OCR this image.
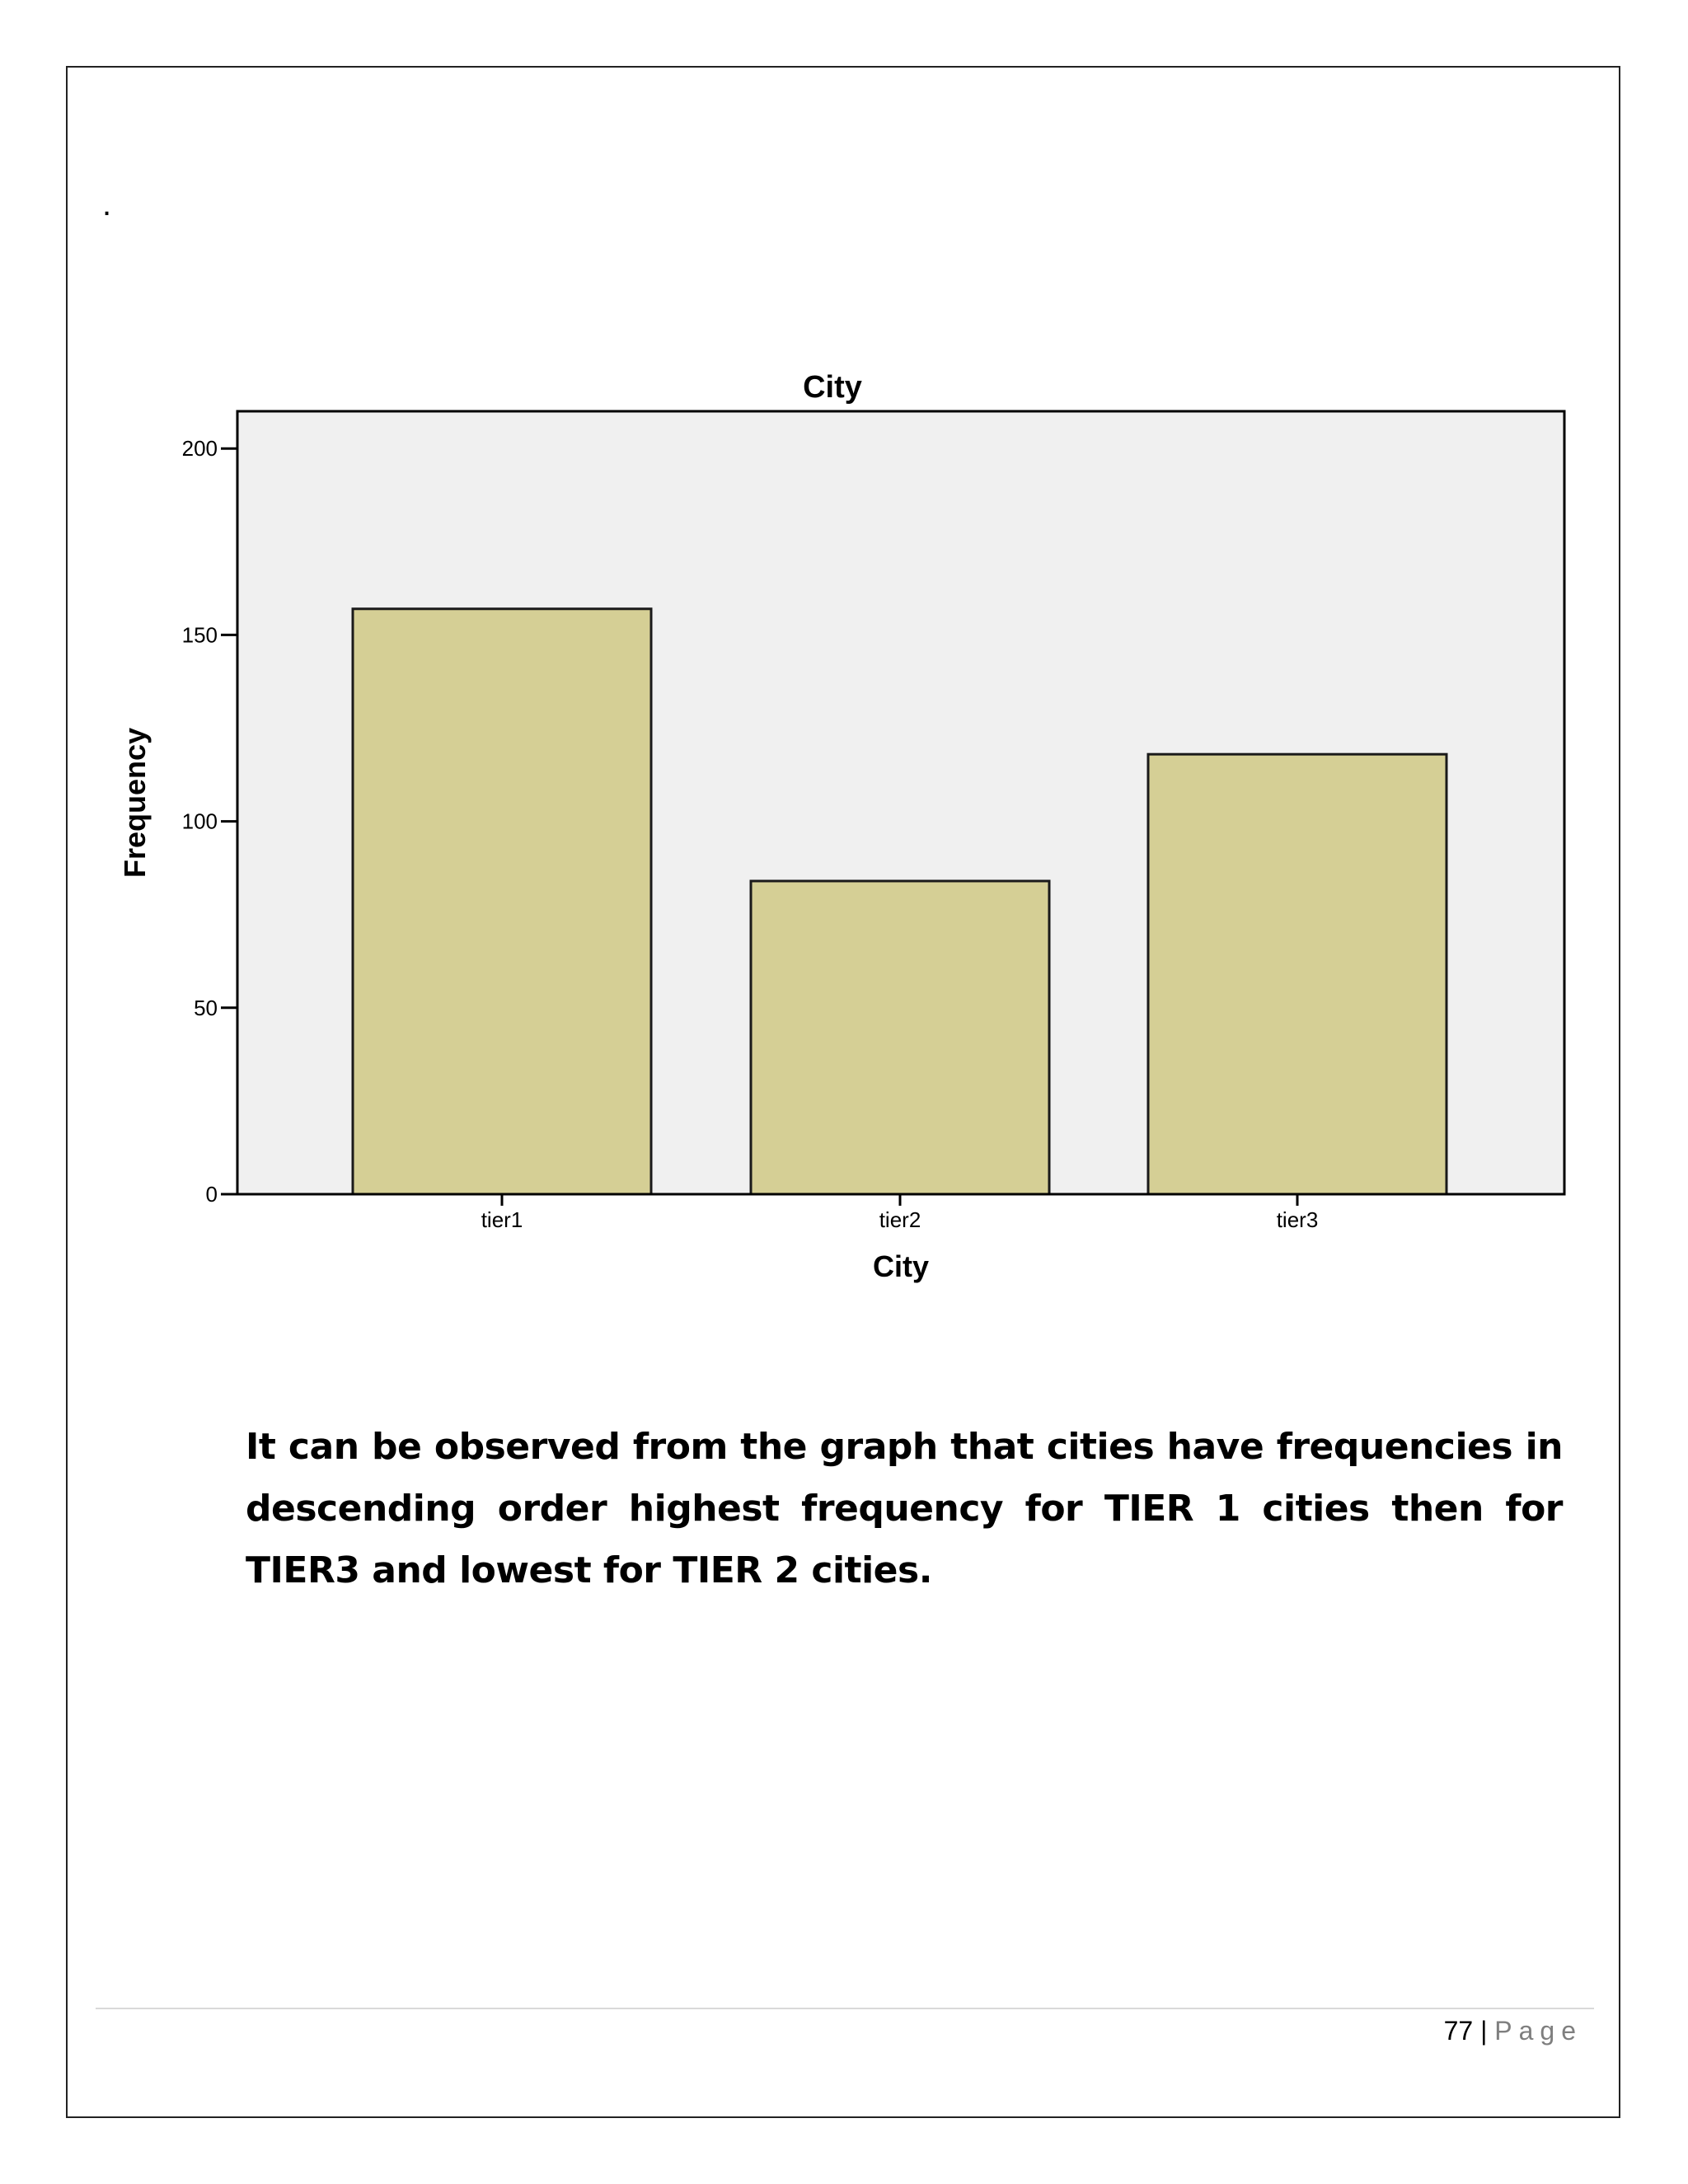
.
0
50
100
150
200
tier1	tier2	tier3
City
City
Frequency

It can be observed from the graph that cities have frequencies in descending order highest frequency for TIER 1 cities then for TIER3 and lowest for TIER 2 cities.

77 | Page
